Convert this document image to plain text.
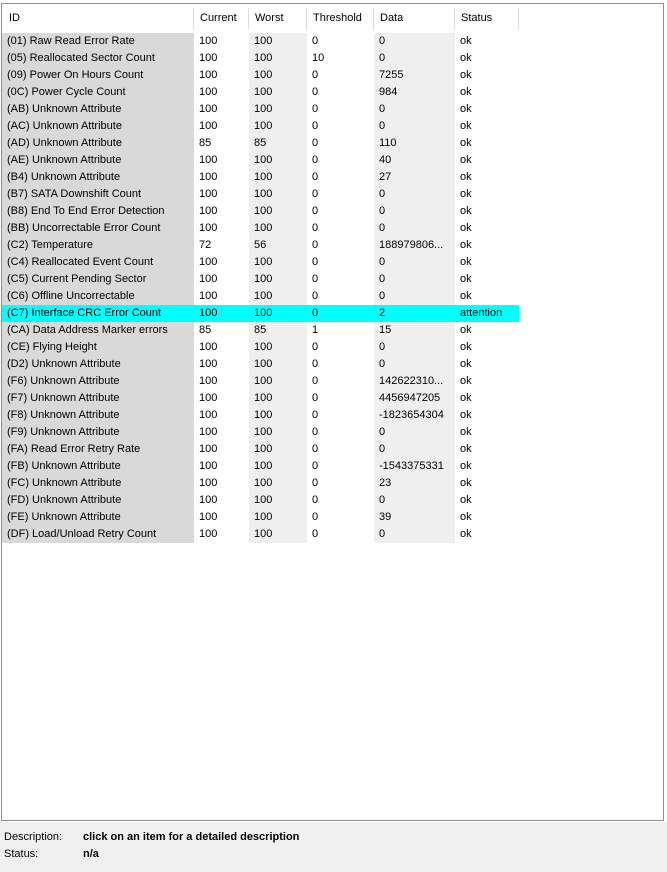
ID	Current	Worst	Threshold	Data	Status
(01) Raw Read Error Rate	100	100	0	0	ok
(05) Reallocated Sector Count	100	100	10	0	ok
(09) Power On Hours Count	100	100	0	7255	ok
(0C) Power Cycle Count	100	100	0	984	ok
(AB) Unknown Attribute	100	100	0	0	ok
(AC) Unknown Attribute	100	100	0	0	ok
(AD) Unknown Attribute	85	85	0	110	ok
(AE) Unknown Attribute	100	100	0	40	ok
(B4) Unknown Attribute	100	100	0	27	ok
(B7) SATA Downshift Count	100	100	0	0	ok
(B8) End To End Error Detection	100	100	0	0	ok
(BB) Uncorrectable Error Count	100	100	0	0	ok
(C2) Temperature	72	56	0	188979806...	ok
(C4) Reallocated Event Count	100	100	0	0	ok
(C5) Current Pending Sector	100	100	0	0	ok
(C6) Offline Uncorrectable	100	100	0	0	ok
(C7) Interface CRC Error Count	100	100	0	2	attention
(CA) Data Address Marker errors	85	85	1	15	ok
(CE) Flying Height	100	100	0	0	ok
(D2) Unknown Attribute	100	100	0	0	ok
(F6) Unknown Attribute	100	100	0	142622310...	ok
(F7) Unknown Attribute	100	100	0	4456947205	ok
(F8) Unknown Attribute	100	100	0	-1823654304	ok
(F9) Unknown Attribute	100	100	0	0	ok
(FA) Read Error Retry Rate	100	100	0	0	ok
(FB) Unknown Attribute	100	100	0	-1543375331	ok
(FC) Unknown Attribute	100	100	0	23	ok
(FD) Unknown Attribute	100	100	0	0	ok
(FE) Unknown Attribute	100	100	0	39	ok
(DF) Load/Unload Retry Count	100	100	0	0	ok
Description: click on an item for a detailed description
Status:	n/a
